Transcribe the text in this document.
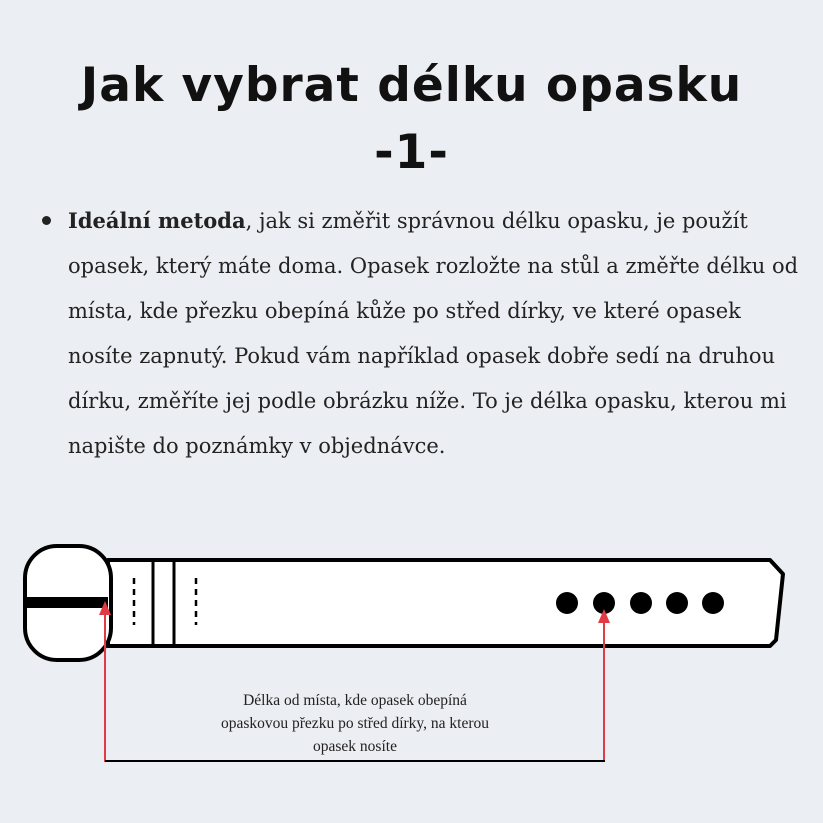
Jak vybrat délku opasku
-1-
Ideální metoda, jak si změřit správnou délku opasku, je použít opasek, který máte doma. Opasek rozložte na stůl a změřte délku od místa, kde přezku obepíná kůže po střed dírky, ve které opasek nosíte zapnutý. Pokud vám například opasek dobře sedí na druhou dírku, změříte jej podle obrázku níže. To je délka opasku, kterou mi napište do poznámky v objednávce.
Délka od místa, kde opasek obepíná
opaskovou přezku po střed dírky, na kterou
opasek nosíte
